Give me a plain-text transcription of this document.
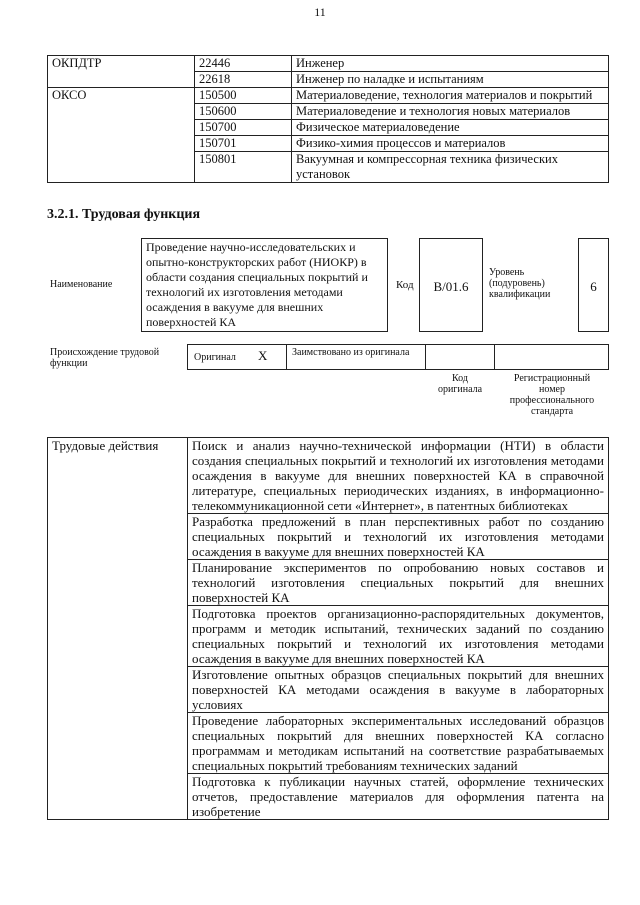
11
ОКПДТР	22446	Инженер
	22618	Инженер по наладке и испытаниям
ОКСО	150500	Материаловедение, технология материалов и покрытий
	150600	Материаловедение и технология новых материалов
	150700	Физическое материаловедение
	150701	Физико-химия процессов и материалов
	150801	Вакуумная и компрессорная техника физических установок
3.2.1. Трудовая функция
Наименование
Проведение научно-исследовательских и опытно-конструкторских работ (НИОКР) в области создания специальных покрытий и технологий их изготовления методами осаждения в вакууме для внешних поверхностей КА
Код	B/01.6
Уровень (подуровень) квалификации
6
Происхождение трудовой функции
Оригинал X Заимствовано из оригинала
Код оригинала
Регистрационный номер профессионального стандарта
Трудовые действия	Поиск и анализ научно-технической информации (НТИ) в области создания специальных покрытий и технологий их изготовления методами осаждения в вакууме для внешних поверхностей КА в справочной литературе, специальных периодических изданиях, в информационно-телекоммуникационной сети «Интернет», в патентных библиотеках
Разработка предложений в план перспективных работ по созданию специальных покрытий и технологий их изготовления методами осаждения в вакууме для внешних поверхностей КА
Планирование экспериментов по опробованию новых составов и технологий изготовления специальных покрытий для внешних поверхностей КА
Подготовка проектов организационно-распорядительных документов, программ и методик испытаний, технических заданий по созданию специальных покрытий и технологий их изготовления методами осаждения в вакууме для внешних поверхностей КА
Изготовление опытных образцов специальных покрытий для внешних поверхностей КА методами осаждения в вакууме в лабораторных условиях
Проведение лабораторных экспериментальных исследований образцов специальных покрытий для внешних поверхностей КА согласно программам и методикам испытаний на соответствие разрабатываемых специальных покрытий требованиям технических заданий
Подготовка к публикации научных статей, оформление технических отчетов, предоставление материалов для оформления патента на изобретение
